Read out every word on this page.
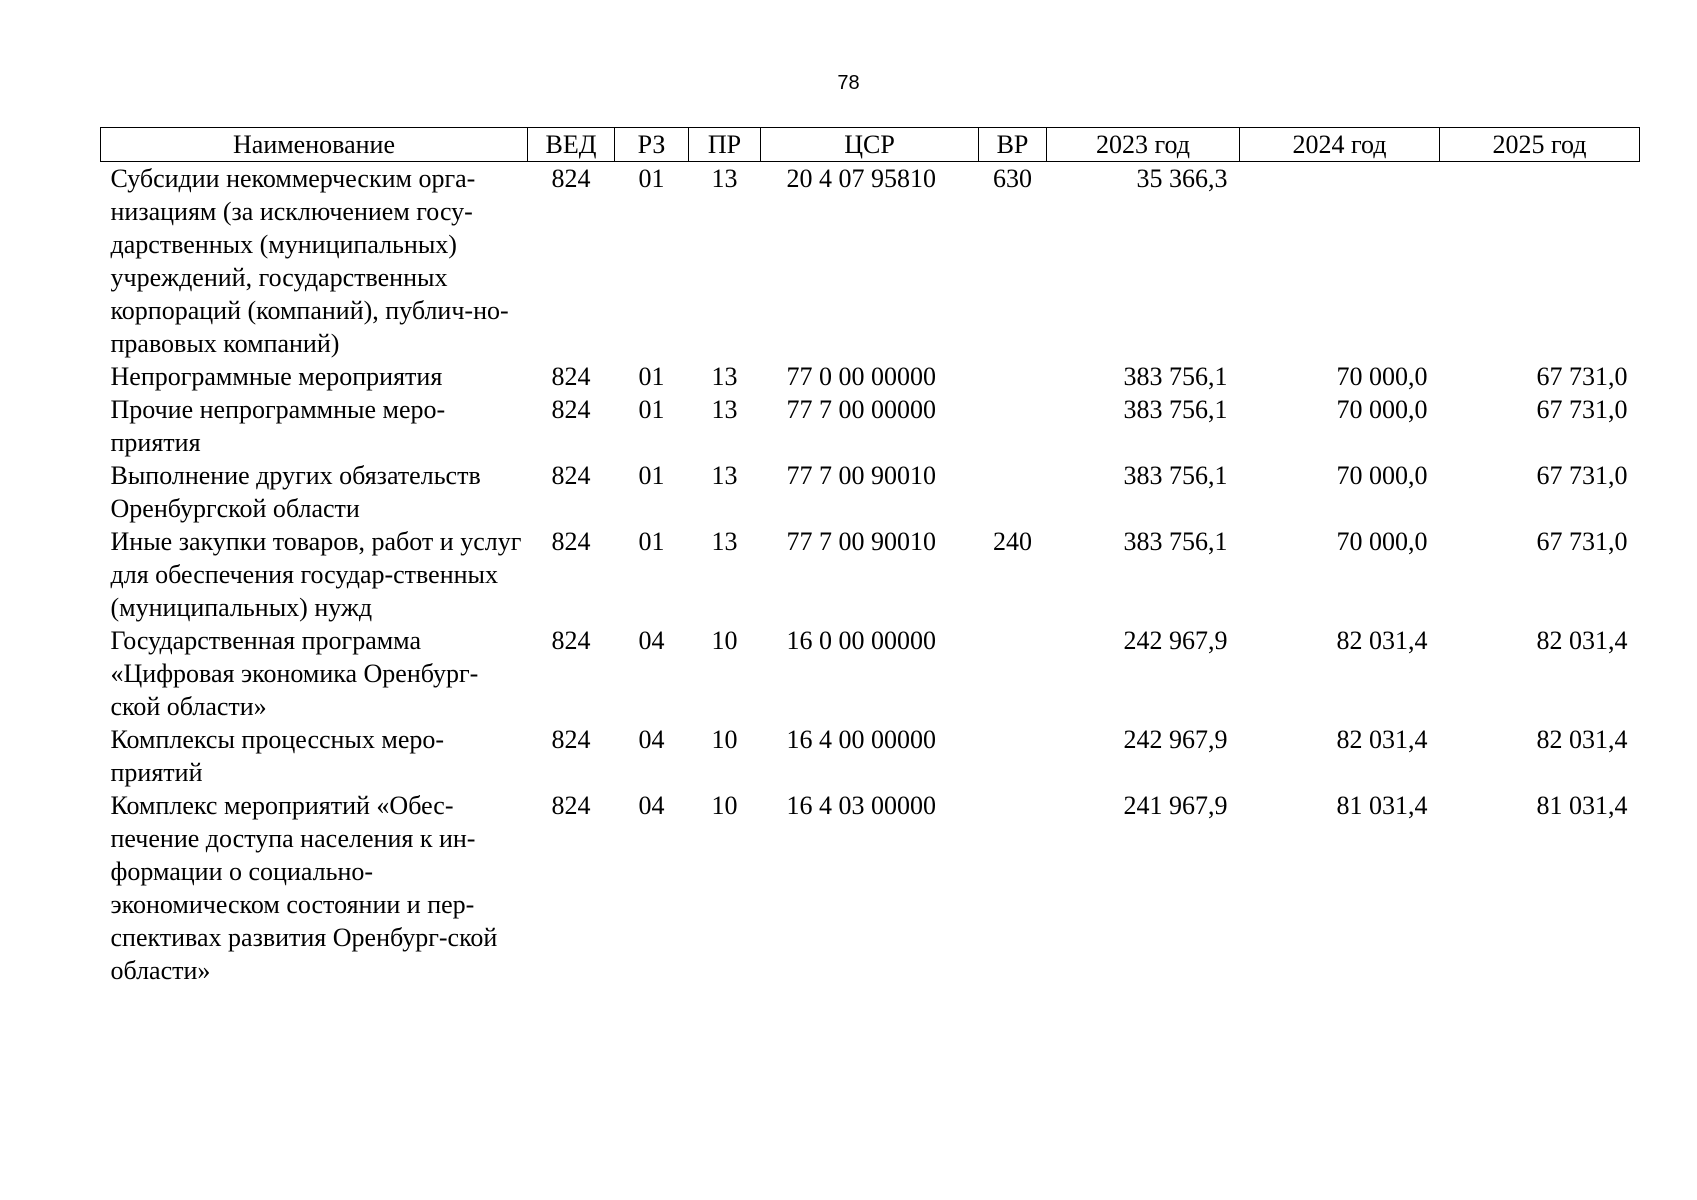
78
Наименование	ВЕД	РЗ	ПР	ЦСР	ВР	2023 год	2024 год	2025 год
Субсидии некоммерческим орга-низациям (за исключением госу-дарственных (муниципальных) учреждений, государственных корпораций (компаний), публич-но-правовых компаний)	824	01	13	20 4 07 95810	630	35 366,3		
Непрограммные мероприятия	824	01	13	77 0 00 00000		383 756,1	70 000,0	67 731,0
Прочие непрограммные меро-приятия	824	01	13	77 7 00 00000		383 756,1	70 000,0	67 731,0
Выполнение других обязательств Оренбургской области	824	01	13	77 7 00 90010		383 756,1	70 000,0	67 731,0
Иные закупки товаров, работ и услуг для обеспечения государ-ственных (муниципальных) нужд	824	01	13	77 7 00 90010	240	383 756,1	70 000,0	67 731,0
Государственная программа «Цифровая экономика Оренбург-ской области»	824	04	10	16 0 00 00000		242 967,9	82 031,4	82 031,4
Комплексы процессных меро-приятий	824	04	10	16 4 00 00000		242 967,9	82 031,4	82 031,4
Комплекс мероприятий «Обес-печение доступа населения к ин-формации о социально-экономическом состоянии и пер-спективах развития Оренбург-ской области»	824	04	10	16 4 03 00000		241 967,9	81 031,4	81 031,4
